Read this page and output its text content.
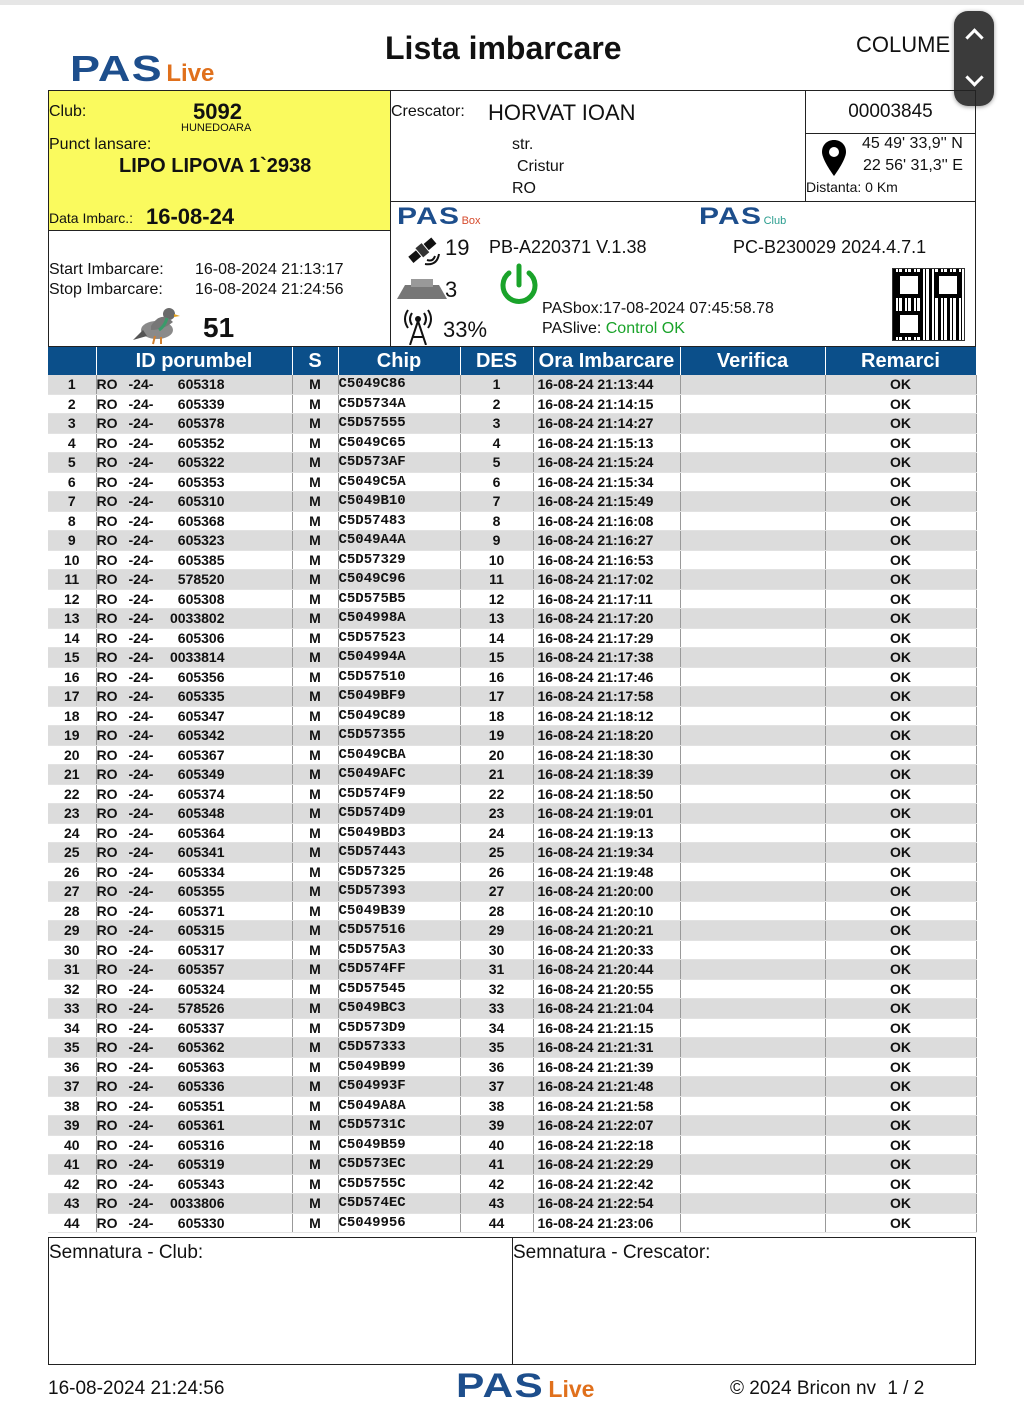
PAS Live
Lista imbarcare	COLUME
Club:	5092
HUNEDOARA
Punct lansare:
LIPO LIPOVA 1`2938
Data Imbarc.: 16-08-24
Start Imbarcare: 16-08-2024 21:13:17
Stop Imbarcare: 16-08-2024 21:24:56
51
Crescator: HORVAT IOAN
str.
Cristur
RO
00003845
45 49' 33,9'' N
22 56' 31,3'' E
Distanta: 0 Km
PAS Box	PAS Club
19 PB-A220371 V.1.38	PC-B230029 2024.4.7.1
3
33%
PASbox:17-08-2024 07:45:58.78
PASlive: Control OK
	ID porumbel	S	Chip	DES	Ora Imbarcare	Verifica	Remarci
1	RO -24- 605318	M	C5049C86	1	16-08-24 21:13:44		OK
2	RO -24- 605339	M	C5D5734A	2	16-08-24 21:14:15		OK
3	RO -24- 605378	M	C5D57555	3	16-08-24 21:14:27		OK
4	RO -24- 605352	M	C5049C65	4	16-08-24 21:15:13		OK
5	RO -24- 605322	M	C5D573AF	5	16-08-24 21:15:24		OK
6	RO -24- 605353	M	C5049C5A	6	16-08-24 21:15:34		OK
7	RO -24- 605310	M	C5049B10	7	16-08-24 21:15:49		OK
8	RO -24- 605368	M	C5D57483	8	16-08-24 21:16:08		OK
9	RO -24- 605323	M	C5049A4A	9	16-08-24 21:16:27		OK
10	RO -24- 605385	M	C5D57329	10	16-08-24 21:16:53		OK
11	RO -24- 578520	M	C5049C96	11	16-08-24 21:17:02		OK
12	RO -24- 605308	M	C5D575B5	12	16-08-24 21:17:11		OK
13	RO -24- 0033802	M	C504998A	13	16-08-24 21:17:20		OK
14	RO -24- 605306	M	C5D57523	14	16-08-24 21:17:29		OK
15	RO -24- 0033814	M	C504994A	15	16-08-24 21:17:38		OK
16	RO -24- 605356	M	C5D57510	16	16-08-24 21:17:46		OK
17	RO -24- 605335	M	C5049BF9	17	16-08-24 21:17:58		OK
18	RO -24- 605347	M	C5049C89	18	16-08-24 21:18:12		OK
19	RO -24- 605342	M	C5D57355	19	16-08-24 21:18:20		OK
20	RO -24- 605367	M	C5049CBA	20	16-08-24 21:18:30		OK
21	RO -24- 605349	M	C5049AFC	21	16-08-24 21:18:39		OK
22	RO -24- 605374	M	C5D574F9	22	16-08-24 21:18:50		OK
23	RO -24- 605348	M	C5D574D9	23	16-08-24 21:19:01		OK
24	RO -24- 605364	M	C5049BD3	24	16-08-24 21:19:13		OK
25	RO -24- 605341	M	C5D57443	25	16-08-24 21:19:34		OK
26	RO -24- 605334	M	C5D57325	26	16-08-24 21:19:48		OK
27	RO -24- 605355	M	C5D57393	27	16-08-24 21:20:00		OK
28	RO -24- 605371	M	C5049B39	28	16-08-24 21:20:10		OK
29	RO -24- 605315	M	C5D57516	29	16-08-24 21:20:21		OK
30	RO -24- 605317	M	C5D575A3	30	16-08-24 21:20:33		OK
31	RO -24- 605357	M	C5D574FF	31	16-08-24 21:20:44		OK
32	RO -24- 605324	M	C5D57545	32	16-08-24 21:20:55		OK
33	RO -24- 578526	M	C5049BC3	33	16-08-24 21:21:04		OK
34	RO -24- 605337	M	C5D573D9	34	16-08-24 21:21:15		OK
35	RO -24- 605362	M	C5D57333	35	16-08-24 21:21:31		OK
36	RO -24- 605363	M	C5049B99	36	16-08-24 21:21:39		OK
37	RO -24- 605336	M	C504993F	37	16-08-24 21:21:48		OK
38	RO -24- 605351	M	C5049A8A	38	16-08-24 21:21:58		OK
39	RO -24- 605361	M	C5D5731C	39	16-08-24 21:22:07		OK
40	RO -24- 605316	M	C5049B59	40	16-08-24 21:22:18		OK
41	RO -24- 605319	M	C5D573EC	41	16-08-24 21:22:29		OK
42	RO -24- 605343	M	C5D5755C	42	16-08-24 21:22:42		OK
43	RO -24- 0033806	M	C5D574EC	43	16-08-24 21:22:54		OK
44	RO -24- 605330	M	C5049956	44	16-08-24 21:23:06		OK
Semnatura - Club:	Semnatura - Crescator:
16-08-2024 21:24:56	PAS Live	© 2024 Bricon nv 1 / 2
